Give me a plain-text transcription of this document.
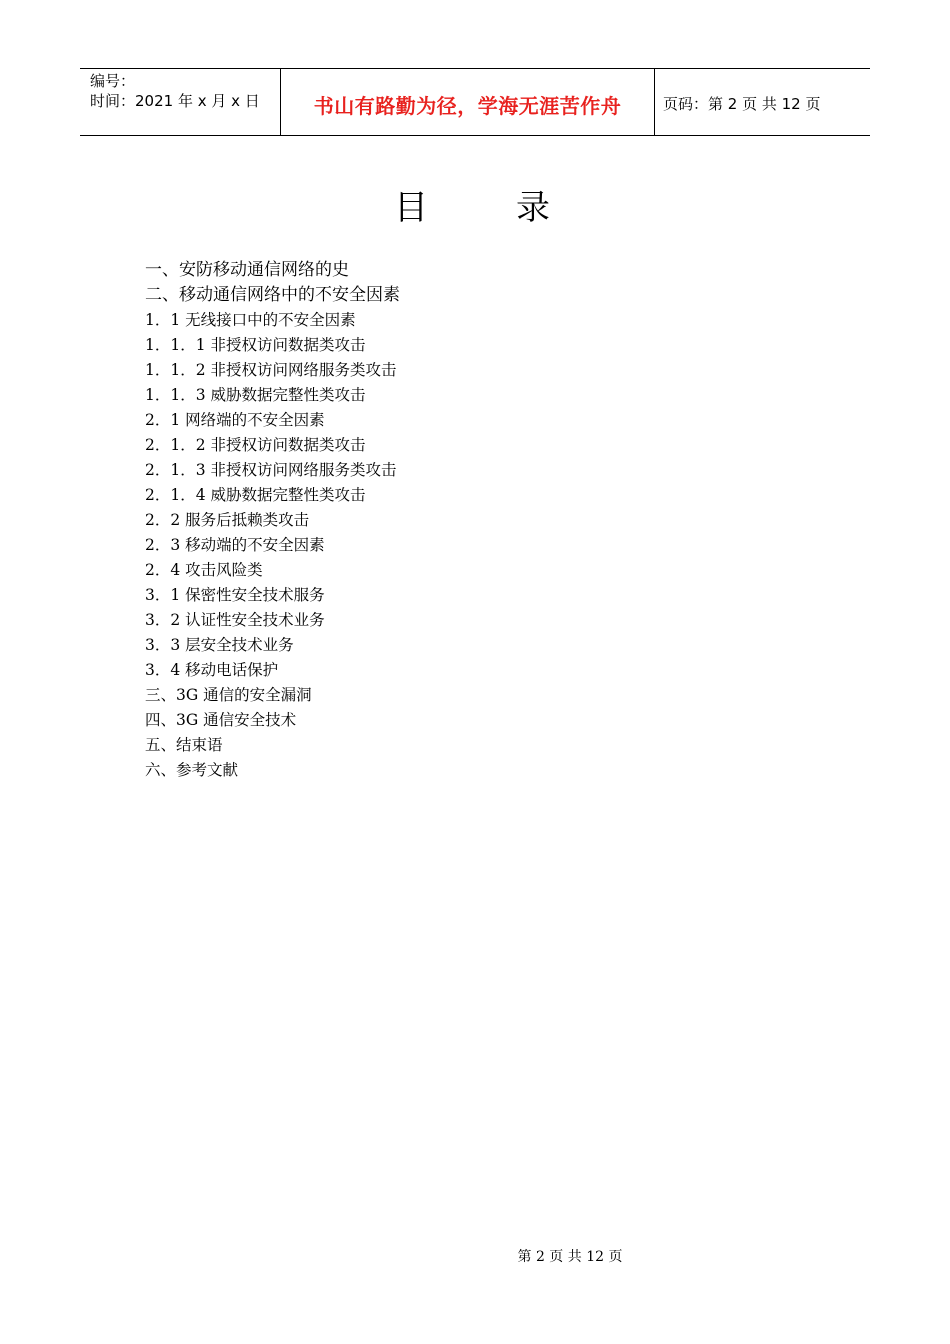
编号：
时间：2021 年 x 月 x 日	书山有路勤为径，学海无涯苦作舟	页码：第 2 页 共 12 页
目录
一、安防移动通信网络的史
二、移动通信网络中的不安全因素
1．1 无线接口中的不安全因素
1．1．1 非授权访问数据类攻击
1．1．2 非授权访问网络服务类攻击
1．1．3 威胁数据完整性类攻击
2．1 网络端的不安全因素
2．1．2 非授权访问数据类攻击
2．1．3 非授权访问网络服务类攻击
2．1．4 威胁数据完整性类攻击
2．2 服务后抵赖类攻击
2．3 移动端的不安全因素
2．4 攻击风险类
3．1 保密性安全技术服务
3．2 认证性安全技术业务
3．3 层安全技术业务
3．4 移动电话保护
三、3G 通信的安全漏洞
四、3G 通信安全技术
五、结束语
六、参考文献
第 2 页 共 12 页
